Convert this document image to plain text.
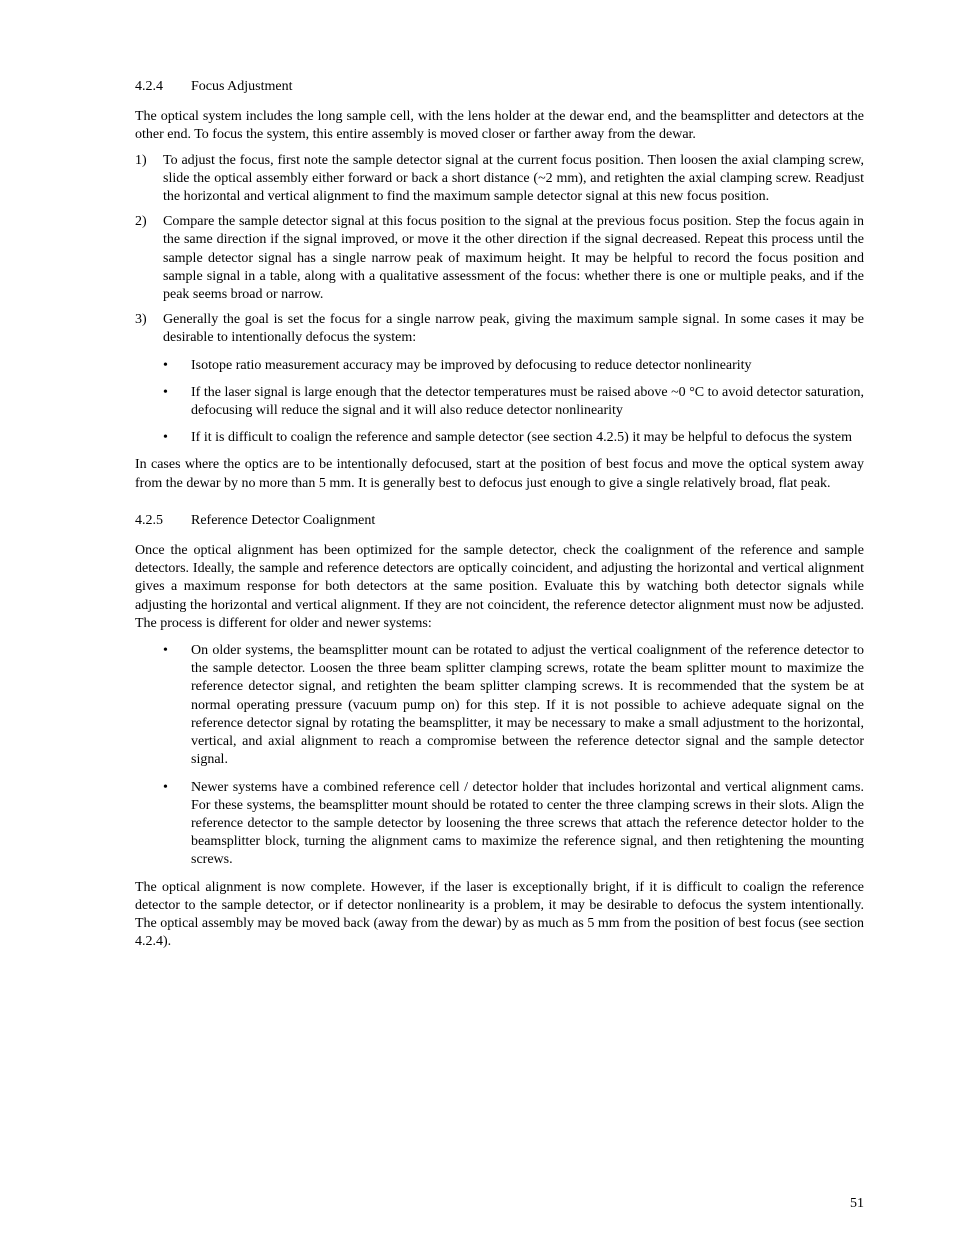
4.2.4	Focus Adjustment

The optical system includes the long sample cell, with the lens holder at the dewar end, and the beamsplitter and detectors at the other end. To focus the system, this entire assembly is moved closer or farther away from the dewar.

1)	To adjust the focus, first note the sample detector signal at the current focus position. Then loosen the axial clamping screw, slide the optical assembly either forward or back a short distance (~2 mm), and retighten the axial clamping screw. Readjust the horizontal and vertical alignment to find the maximum sample detector signal at this new focus position.
2)	Compare the sample detector signal at this focus position to the signal at the previous focus position. Step the focus again in the same direction if the signal improved, or move it the other direction if the signal decreased. Repeat this process until the sample detector signal has a single narrow peak of maximum height. It may be helpful to record the focus position and sample signal in a table, along with a qualitative assessment of the focus: whether there is one or multiple peaks, and if the peak seems broad or narrow.
3)	Generally the goal is set the focus for a single narrow peak, giving the maximum sample signal. In some cases it may be desirable to intentionally defocus the system:
•	Isotope ratio measurement accuracy may be improved by defocusing to reduce detector nonlinearity
•	If the laser signal is large enough that the detector temperatures must be raised above ~0 °C to avoid detector saturation, defocusing will reduce the signal and it will also reduce detector nonlinearity
•	If it is difficult to coalign the reference and sample detector (see section 4.2.5) it may be helpful to defocus the system

In cases where the optics are to be intentionally defocused, start at the position of best focus and move the optical system away from the dewar by no more than 5 mm. It is generally best to defocus just enough to give a single relatively broad, flat peak.

4.2.5	Reference Detector Coalignment

Once the optical alignment has been optimized for the sample detector, check the coalignment of the reference and sample detectors. Ideally, the sample and reference detectors are optically coincident, and adjusting the horizontal and vertical alignment gives a maximum response for both detectors at the same position. Evaluate this by watching both detector signals while adjusting the horizontal and vertical alignment. If they are not coincident, the reference detector alignment must now be adjusted. The process is different for older and newer systems:

•	On older systems, the beamsplitter mount can be rotated to adjust the vertical coalignment of the reference detector to the sample detector. Loosen the three beam splitter clamping screws, rotate the beam splitter mount to maximize the reference detector signal, and retighten the beam splitter clamping screws. It is recommended that the system be at normal operating pressure (vacuum pump on) for this step. If it is not possible to achieve adequate signal on the reference detector signal by rotating the beamsplitter, it may be necessary to make a small adjustment to the horizontal, vertical, and axial alignment to reach a compromise between the reference detector signal and the sample detector signal.
•	Newer systems have a combined reference cell / detector holder that includes horizontal and vertical alignment cams. For these systems, the beamsplitter mount should be rotated to center the three clamping screws in their slots. Align the reference detector to the sample detector by loosening the three screws that attach the reference detector holder to the beamsplitter block, turning the alignment cams to maximize the reference signal, and then retightening the mounting screws.

The optical alignment is now complete. However, if the laser is exceptionally bright, if it is difficult to coalign the reference detector to the sample detector, or if detector nonlinearity is a problem, it may be desirable to defocus the system intentionally. The optical assembly may be moved back (away from the dewar) by as much as 5 mm from the position of best focus (see section 4.2.4).

51
